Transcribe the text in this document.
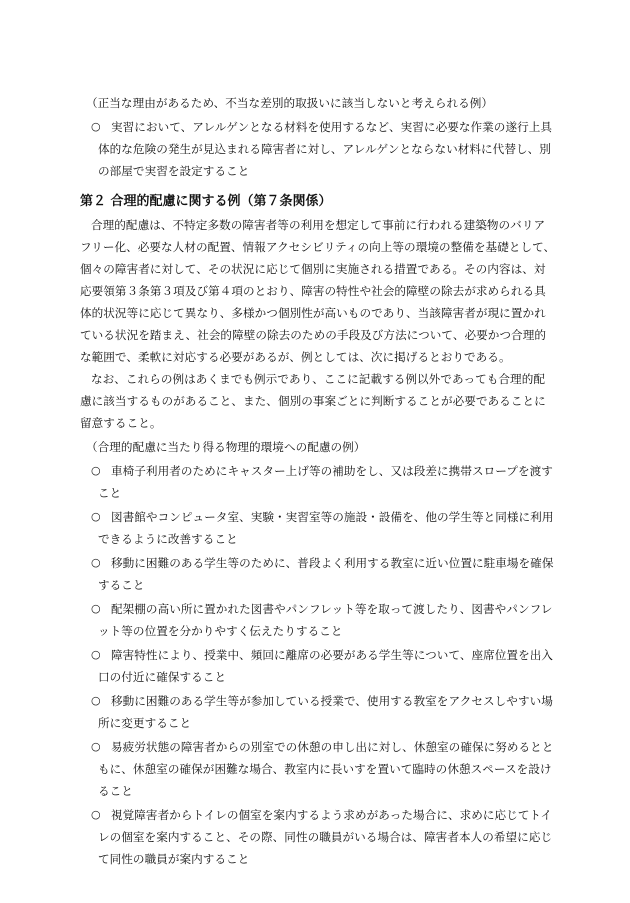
（正当な理由があるため、不当な差別的取扱いに該当しないと考えられる例）
○ 実習において、アレルゲンとなる材料を使用するなど、実習に必要な作業の遂行上具
体的な危険の発生が見込まれる障害者に対し、アレルゲンとならない材料に代替し、別
の部屋で実習を設定すること
第２ 合理的配慮に関する例（第７条関係）
合理的配慮は、不特定多数の障害者等の利用を想定して事前に行われる建築物のバリア
フリー化、必要な人材の配置、情報アクセシビリティの向上等の環境の整備を基礎として、
個々の障害者に対して、その状況に応じて個別に実施される措置である。その内容は、対
応要領第３条第３項及び第４項のとおり、障害の特性や社会的障壁の除去が求められる具
体的状況等に応じて異なり、多様かつ個別性が高いものであり、当該障害者が現に置かれ
ている状況を踏まえ、社会的障壁の除去のための手段及び方法について、必要かつ合理的
な範囲で、柔軟に対応する必要があるが、例としては、次に掲げるとおりである。
なお、これらの例はあくまでも例示であり、ここに記載する例以外であっても合理的配
慮に該当するものがあること、また、個別の事案ごとに判断することが必要であることに
留意すること。
（合理的配慮に当たり得る物理的環境への配慮の例）
○ 車椅子利用者のためにキャスター上げ等の補助をし、又は段差に携帯スロープを渡す
こと
○ 図書館やコンピュータ室、実験・実習室等の施設・設備を、他の学生等と同様に利用
できるように改善すること
○ 移動に困難のある学生等のために、普段よく利用する教室に近い位置に駐車場を確保
すること
○ 配架棚の高い所に置かれた図書やパンフレット等を取って渡したり、図書やパンフレ
ット等の位置を分かりやすく伝えたりすること
○ 障害特性により、授業中、頻回に離席の必要がある学生等について、座席位置を出入
口の付近に確保すること
○ 移動に困難のある学生等が参加している授業で、使用する教室をアクセスしやすい場
所に変更すること
○ 易疲労状態の障害者からの別室での休憩の申し出に対し、休憩室の確保に努めるとと
もに、休憩室の確保が困難な場合、教室内に長いすを置いて臨時の休憩スペースを設け
ること
○ 視覚障害者からトイレの個室を案内するよう求めがあった場合に、求めに応じてトイ
レの個室を案内すること、その際、同性の職員がいる場合は、障害者本人の希望に応じ
て同性の職員が案内すること
